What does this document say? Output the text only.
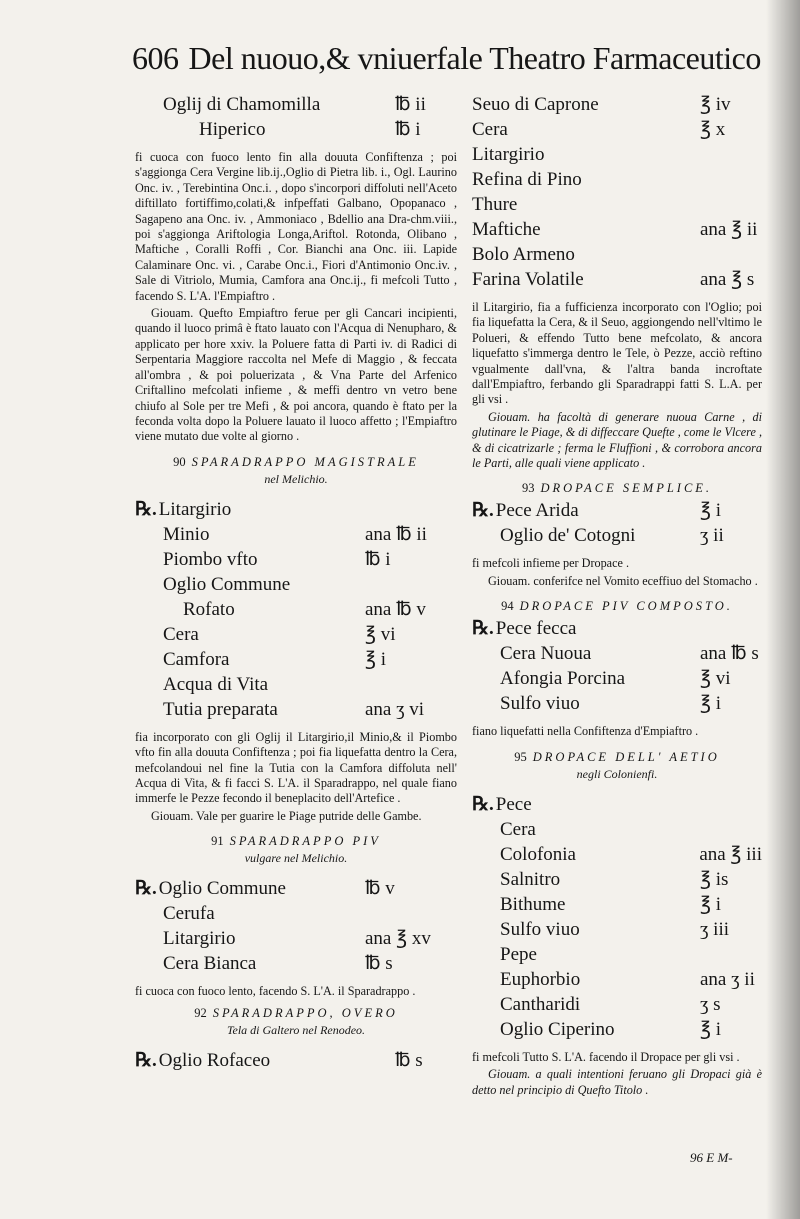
606 Del nuouo,& vniuerfale Theatro Farmaceutico
Oglij di Chamomilla	℔ ii
Hiperico	℔ i

fi cuoca con fuoco lento fin alla douuta Confiftenza ; poi s'aggionga Cera Vergine lib.ij.,Oglio di Pietra lib. i., Ogl. Laurino Onc. iv. , Terebintina Onc.i. , dopo s'incorpori diffoluti nell'Aceto diftillato fortiffimo,colati,& infpeffati Galbano, Opopanaco , Sagapeno ana Onc. iv. , Ammoniaco , Bdellio ana Dra-chm.viii., poi s'aggionga Ariftologia Longa,Ariftol. Rotonda, Olibano , Maftiche , Coralli Roffi , Cor. Bianchi ana Onc. iii. Lapide Calaminare Onc. vi. , Carabe Onc.i., Fiori d'Antimonio Onc.iv. , Sale di Vitriolo, Mumia, Camfora ana Onc.ij., fi mefcoli Tutto , facendo S. L'A. l'Empiaftro .

Giouam. Quefto Empiaftro ferue per gli Cancari incipienti, quando il luoco primâ è ftato lauato con l'Acqua di Nenupharo, & applicato per hore xxiv. la Poluere fatta di Parti iv. di Radici di Serpentaria Maggiore raccolta nel Mefe di Maggio , & feccata all'ombra , & poi poluerizata , & Vna Parte del Arfenico Criftallino mefcolati infieme , & meffi dentro vn vetro bene chiufo al Sole per tre Mefi , & poi ancora, quando è ftato per la feconda volta dopo la Poluere lauato il luoco affetto ; l'Empiaftro viene mutato due volte al giorno .

90 SPARADRAPPO MAGISTRALE
nel Melichio.
℞. Litargirio
Minio	ana ℔ ii
Piombo vfto	℔ i
Oglio Commune
Rofato	ana ℔ v
Cera	℥ vi
Camfora	℥ i
Acqua di Vita
Tutia preparata	ana ʒ vi

fia incorporato con gli Oglij il Litargirio,il Minio,& il Piombo vfto fin alla douuta Confiftenza ; poi fia liquefatta dentro la Cera, mefcolandoui nel fine la Tutia con la Camfora diffoluta nell' Acqua di Vita, & fi facci S. L'A. il Sparadrappo, nel quale fiano immerfe le Pezze fecondo il beneplacito dell'Artefice .

Giouam. Vale per guarire le Piage putride delle Gambe.

91 SPARADRAPPO PIV
vulgare nel Melichio.
℞. Oglio Commune	℔ v
Cerufa
Litargirio	ana ℥ xv
Cera Bianca	℔ s

fi cuoca con fuoco lento, facendo S. L'A. il Sparadrappo .

92 SPARADRAPPO, OVERO
Tela di Galtero nel Renodeo.
℞. Oglio Rofaceo	℔ s
Seuo di Caprone	℥ iv
Cera	℥ x
Litargirio
Refina di Pino
Thure
Maftiche	ana ℥ ii
Bolo Armeno
Farina Volatile	ana ℥ s

il Litargirio, fia a fufficienza incorporato con l'Oglio; poi fia liquefatta la Cera, & il Seuo, aggiongendo nell'vltimo le Polueri, & effendo Tutto bene mefcolato, & ancora liquefatto s'immerga dentro le Tele, ò Pezze, acciò reftino vgualmente dall'vna, & l'altra banda incroftate dall'Empiaftro, ferbando gli Sparadrappi fatti S. L.A. per gli vsi .

Giouam. ha facoltà di generare nuoua Carne , di glutinare le Piage, & di diffeccare Quefte , come le Vlcere , & di cicatrizarle ; ferma le Fluffioni , & corrobora ancora le Parti, alle quali viene applicato .

93 DROPACE SEMPLICE.
℞. Pece Arida	℥ i
Oglio de' Cotogni	ʒ ii

fi mefcoli infieme per Dropace .

Giouam. conferifce nel Vomito eceffiuo del Stomacho .

94 DROPACE PIV COMPOSTO.
℞. Pece fecca
Cera Nuoua	ana ℔ s
Afongia Porcina	℥ vi
Sulfo viuo	℥ i

fiano liquefatti nella Confiftenza d'Empiaftro .

95 DROPACE DELL' AETIO
negli Colonienfi.
℞. Pece
Cera
Colofonia	ana ℥ iii
Salnitro	℥ is
Bithume	℥ i
Sulfo viuo	ʒ iii
Pepe
Euphorbio	ana ʒ ii
Cantharidi	ʒ s
Oglio Ciperino	℥ i

fi mefcoli Tutto S. L'A. facendo il Dropace per gli vsi .

Giouam. a quali intentioni feruano gli Dropaci già è detto nel principio di Quefto Titolo .

96 E M-
